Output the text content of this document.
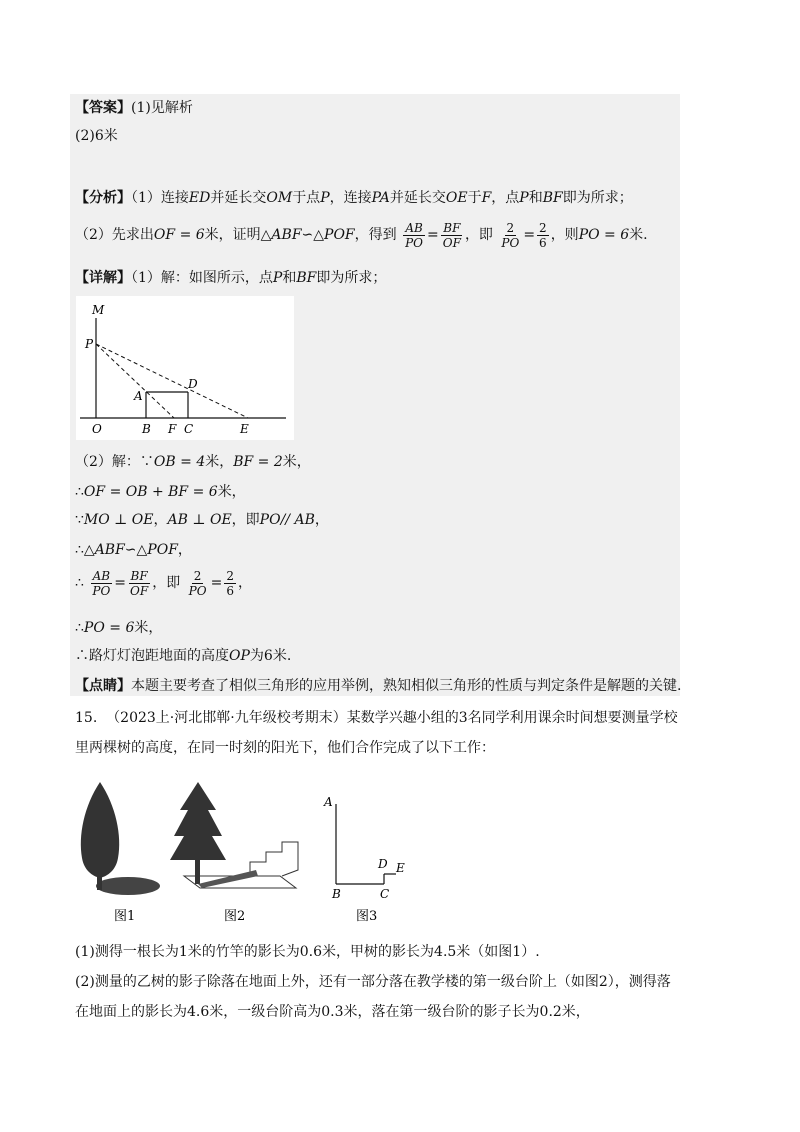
【答案】(1)见解析
(2)6米
【分析】（1）连接ED并延长交OM于点P，连接PA并延长交OE于F，点P和BF即为所求；
（2）先求出OF = 6米，证明△ABF∽△POF，得到 $\frac{AB}{PO} = \frac{BF}{OF}$ ，即 $\frac{2}{PO} = \frac{2}{6}$ ，则PO = 6米.
【详解】（1）解：如图所示，点P和BF即为所求；
M
P
D
A
O	B F C	E
（2）解：∵OB = 4米，BF = 2米，
∴OF = OB + BF = 6米，
∵MO ⊥ OE，AB ⊥ OE，即PO// AB，
∴△ABF∽△POF，
∴ $\frac{AB}{PO} = \frac{BF}{OF}$ ，即 $\frac{2}{PO} = \frac{2}{6}$ ，
∴PO = 6米，
∴路灯灯泡距地面的高度OP为6米.
【点睛】本题主要考查了相似三角形的应用举例，熟知相似三角形的性质与判定条件是解题的关键.
15. （2023上·河北邯郸·九年级校考期末）某数学兴趣小组的3名同学利用课余时间想要测量学校
里两棵树的高度，在同一时刻的阳光下，他们合作完成了以下工作：
图1	图2
A
B	C
D E
图3
(1)测得一根长为1米的竹竿的影长为0.6米，甲树的影长为4.5米（如图1）.
(2)测量的乙树的影子除落在地面上外，还有一部分落在教学楼的第一级台阶上（如图2），测得落
在地面上的影长为4.6米，一级台阶高为0.3米，落在第一级台阶的影子长为0.2米，
